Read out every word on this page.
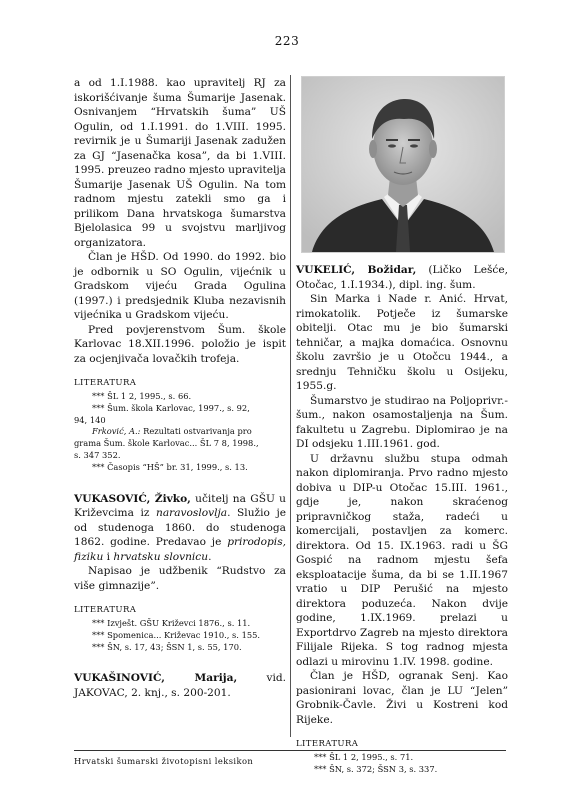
223

a od 1.I.1988. kao upravitelj RJ za iskorišćivanje šuma Šumarije Jasenak. Osnivanjem “Hrvatskih šuma” UŠ Ogulin, od 1.I.1991. do 1.VIII. 1995. revirnik je u Šumariji Jasenak zadužen za GJ “Jasenačka kosa”, da bi 1.VIII. 1995. preuzeo radno mjesto upravitelja Šumarije Jasenak UŠ Ogulin. Na tom radnom mjestu zatekli smo ga i prilikom Dana hrvatskoga šumarstva Bjelolasica 99 u svojstvu marljivog organizatora.

Član je HŠD. Od 1990. do 1992. bio je odbornik u SO Ogulin, vijećnik u Gradskom vijeću Grada Ogulina (1997.) i predsjednik Kluba nezavisnih vijećnika u Gradskom vijeću.

Pred povjerenstvom Šum. škole Karlovac 18.XII.1996. položio je ispit za ocjenjivača lovačkih trofeja.

LITERATURA

*** ŠL 1 2, 1995., s. 66.

*** Šum. škola Karlovac, 1997., s. 92,

94, 140

Frković, A.: Rezultati ostvarivanja pro

grama Šum. škole Karlovac... ŠL 7 8, 1998.,

s. 347 352.

*** Časopis “HŠ” br. 31, 1999., s. 13.

VUKASOVIĆ, Živko, učitelj na GŠU u Križevcima iz naravoslovlja. Služio je od studenoga 1860. do studenoga 1862. godine. Predavao je prirodopis, fiziku i hrvatsku slovnicu.

Napisao je udžbenik “Rudstvo za više gimnazije”.

LITERATURA

*** Izvješt. GŠU Križevci 1876., s. 11.

*** Spomenica... Križevac 1910., s. 155.

*** ŠN, s. 17, 43; ŠSN 1, s. 55, 170.

VUKAŠINOVIĆ, Marija, vid. JAKOVAC, 2. knj., s. 200-201.

VUKELIĆ, Božidar, (Ličko Lešće, Otočac, 1.I.1934.), dipl. ing. šum.

Sin Marka i Nade r. Anić. Hrvat, rimokatolik. Potječe iz šumarske obitelji. Otac mu je bio šumarski tehničar, a majka domaćica. Osnovnu školu završio je u Otočcu 1944., a srednju Tehničku školu u Osijeku, 1955.g.

Šumarstvo je studirao na Poljoprivr.-šum., nakon osamostaljenja na Šum. fakultetu u Zagrebu. Diplomirao je na DI odsjeku 1.III.1961. god.

U državnu službu stupa odmah nakon diplomiranja. Prvo radno mjesto dobiva u DIP-u Otočac 15.III. 1961., gdje je, nakon skraćenog pripravničkog staža, radeći u komercijali, postavljen za komerc. direktora. Od 15. IX.1963. radi u ŠG Gospić na radnom mjestu šefa eksploatacije šuma, da bi se 1.II.1967 vratio u DIP Perušić na mjesto direktora poduzeća. Nakon dvije godine, 1.IX.1969. prelazi u Exportdrvo Zagreb na mjesto direktora Filijale Rijeka. S tog radnog mjesta odlazi u mirovinu 1.IV. 1998. godine.

Član je HŠD, ogranak Senj. Kao pasionirani lovac, član je LU “Jelen” Grobnik-Čavle. Živi u Kostreni kod Rijeke.

LITERATURA

*** ŠL 1 2, 1995., s. 71.

*** ŠN, s. 372; ŠSN 3, s. 337.

Hrvatski šumarski životopisni leksikon
